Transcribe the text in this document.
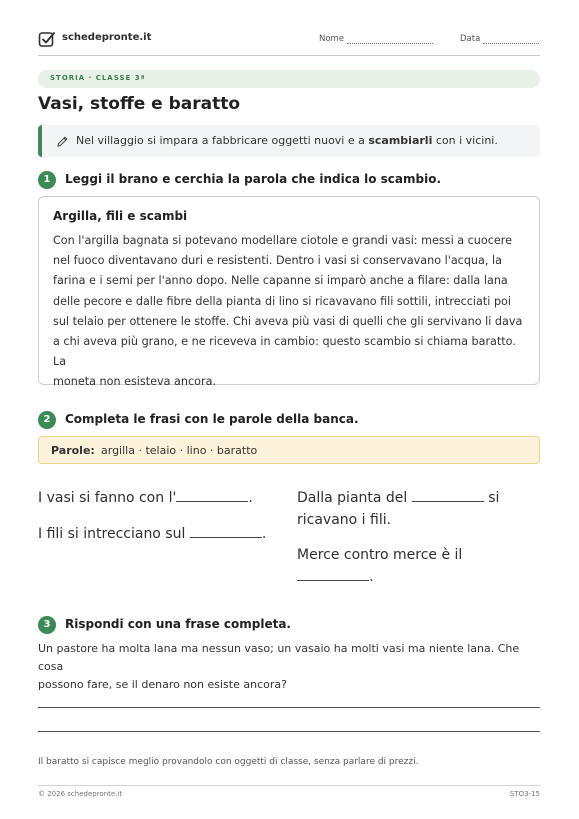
schedepronte.it	Nome	Data
STORIA · CLASSE 3ª
Vasi, stoffe e baratto
Nel villaggio si impara a fabbricare oggetti nuovi e a scambiarli con i vicini.
1	Leggi il brano e cerchia la parola che indica lo scambio.
Argilla, fili e scambi
Con l'argilla bagnata si potevano modellare ciotole e grandi vasi: messi a cuocere
nel fuoco diventavano duri e resistenti. Dentro i vasi si conservavano l'acqua, la
farina e i semi per l'anno dopo. Nelle capanne si imparò anche a filare: dalla lana
delle pecore e dalle fibre della pianta di lino si ricavavano fili sottili, intrecciati poi
sul telaio per ottenere le stoffe. Chi aveva più vasi di quelli che gli servivano li dava
a chi aveva più grano, e ne riceveva in cambio: questo scambio si chiama baratto. La
moneta non esisteva ancora.
2	Completa le frasi con le parole della banca.
Parole: argilla · telaio · lino · baratto
I vasi si fanno con l'	.
I fili si intrecciano sul	.
Dalla pianta del	si
ricavano i fili.
Merce contro merce è il
.
3	Rispondi con una frase completa.
Un pastore ha molta lana ma nessun vaso; un vasaio ha molti vasi ma niente lana. Che cosa
possono fare, se il denaro non esiste ancora?
Il baratto si capisce meglio provandolo con oggetti di classe, senza parlare di prezzi.
© 2026 schedepronte.it	STO3-15
